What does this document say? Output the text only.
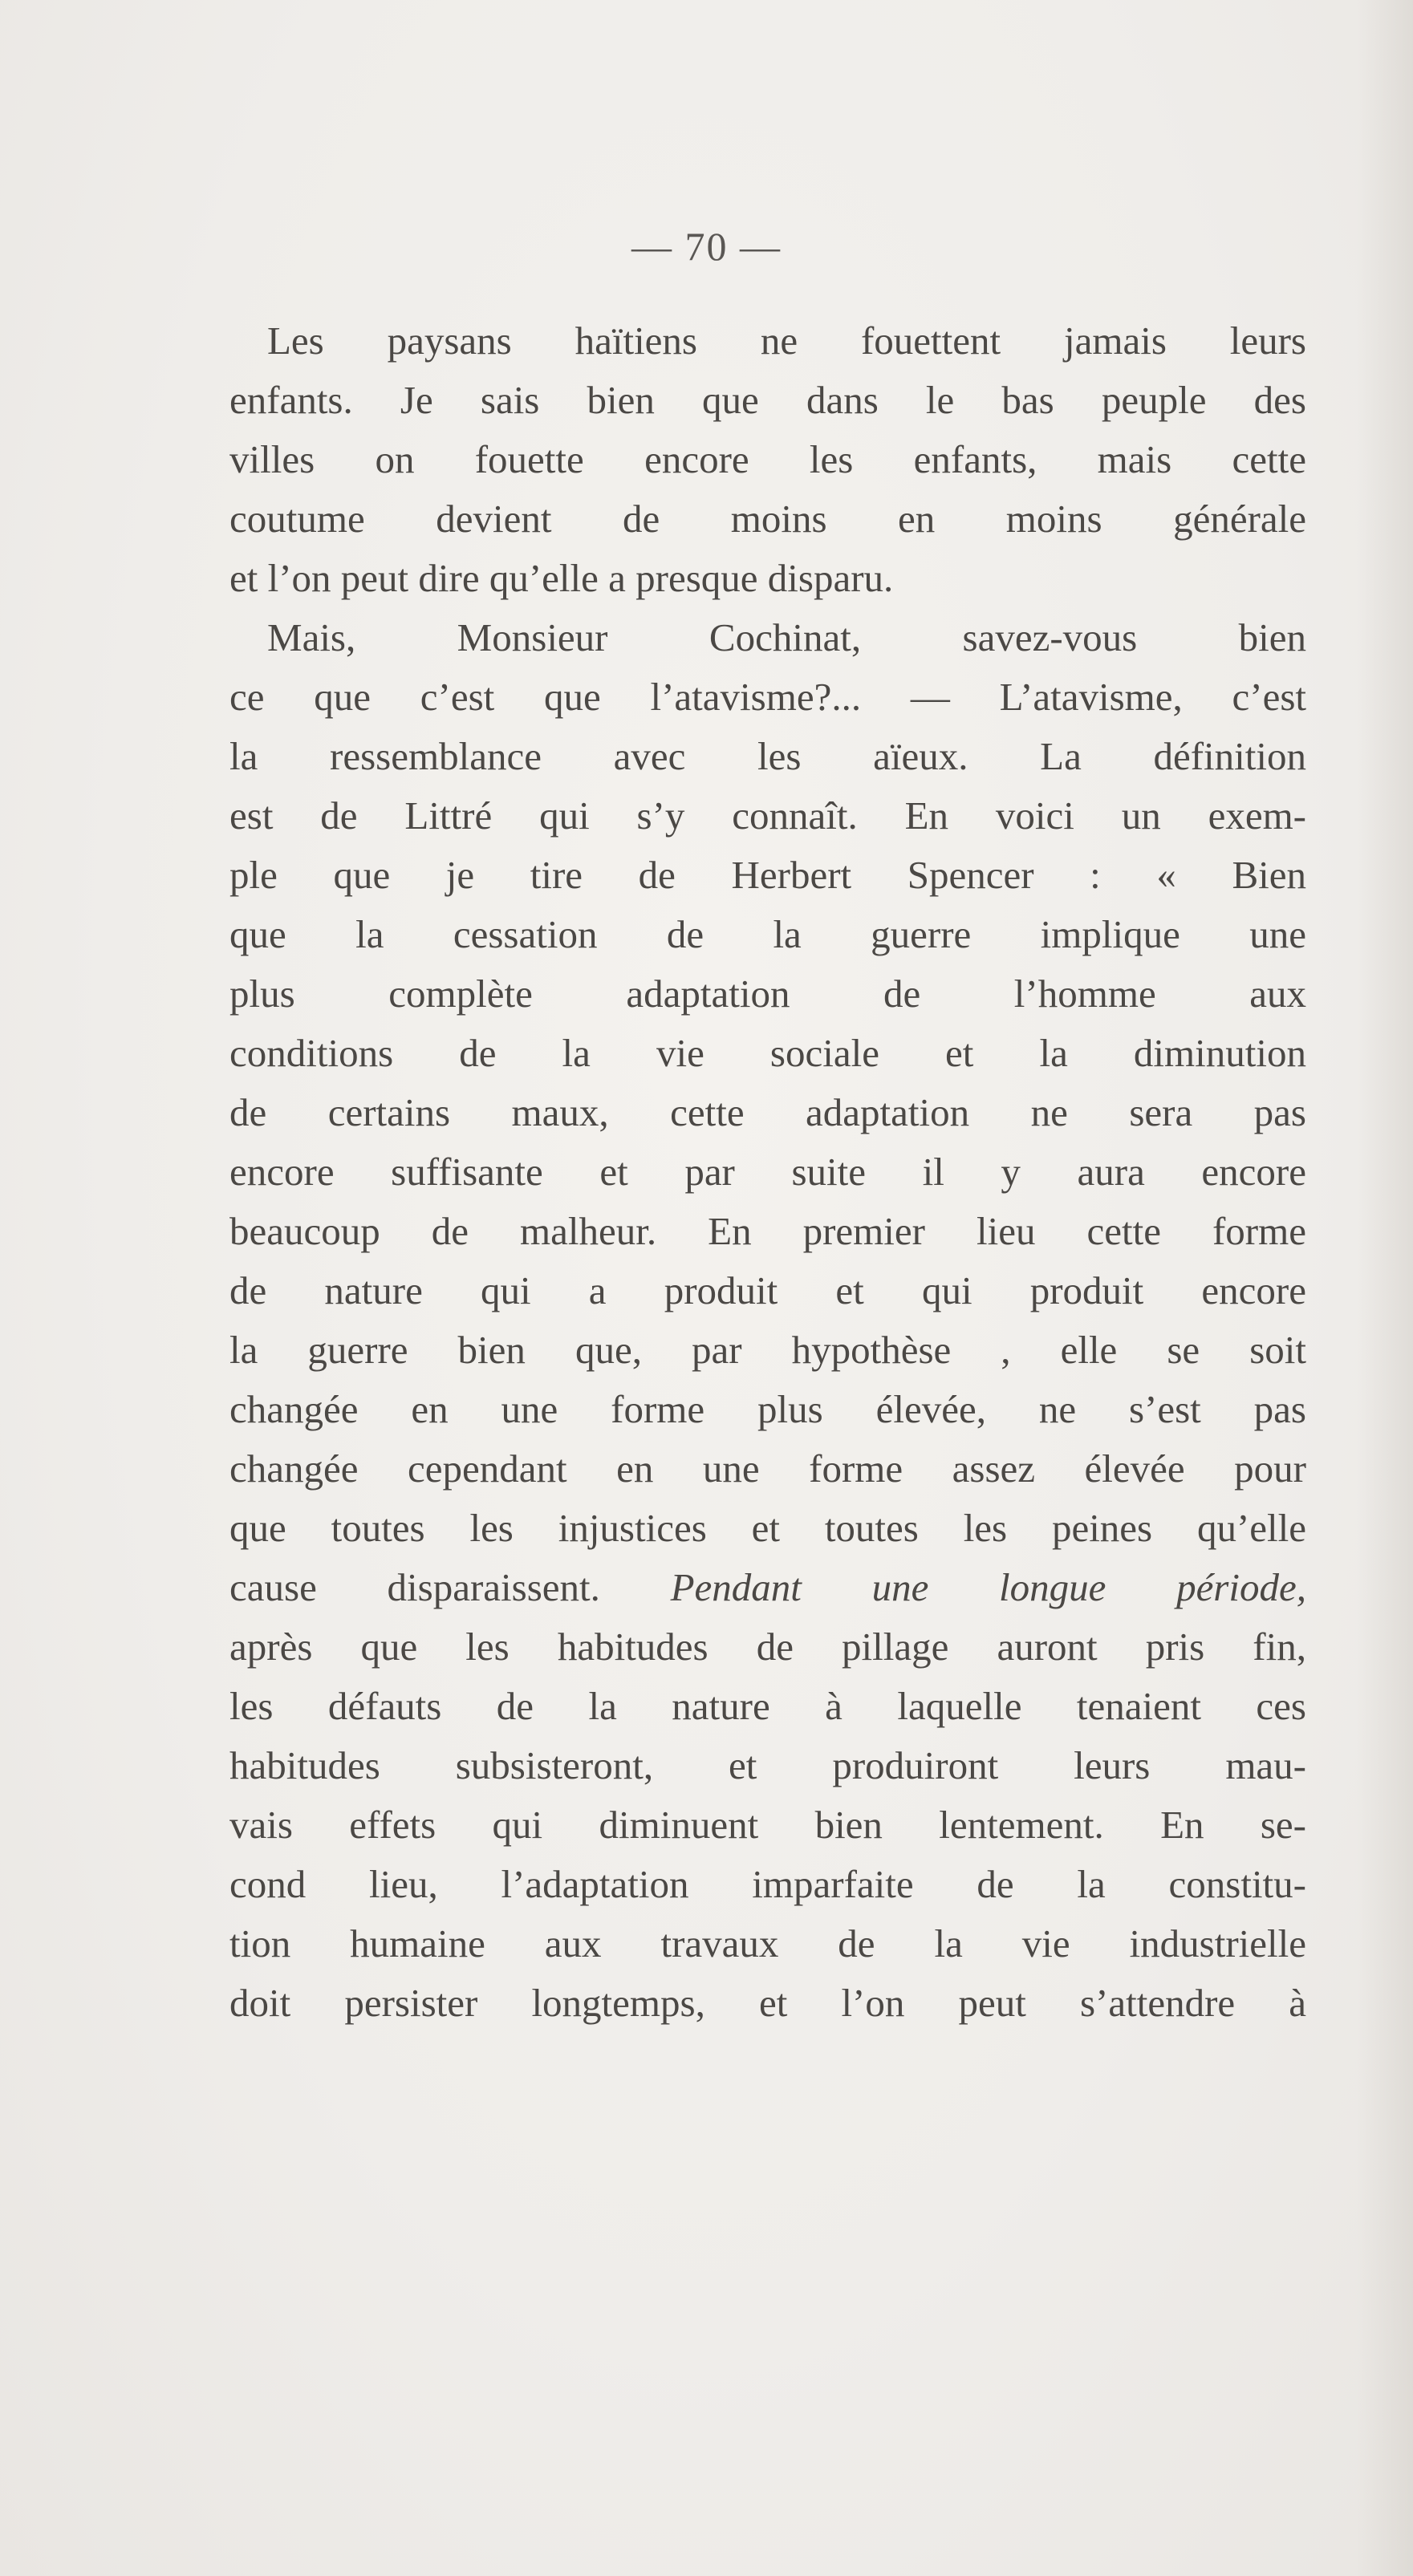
— 70 —
Les paysans haïtiens ne fouettent jamais leurs
enfants. Je sais bien que dans le bas peuple des
villes on fouette encore les enfants, mais cette
coutume devient de moins en moins générale
et l’on peut dire qu’elle a presque disparu.
Mais, Monsieur Cochinat, savez-vous bien
ce que c’est que l’atavisme?... — L’atavisme, c’est
la ressemblance avec les aïeux. La définition
est de Littré qui s’y connaît. En voici un exem-
ple que je tire de Herbert Spencer : « Bien
que la cessation de la guerre implique une
plus complète adaptation de l’homme aux
conditions de la vie sociale et la diminution
de certains maux, cette adaptation ne sera pas
encore suffisante et par suite il y aura encore
beaucoup de malheur. En premier lieu cette forme
de nature qui a produit et qui produit encore
la guerre bien que, par hypothèse , elle se soit
changée en une forme plus élevée, ne s’est pas
changée cependant en une forme assez élevée pour
que toutes les injustices et toutes les peines qu’elle
cause disparaissent. Pendant une longue période,
après que les habitudes de pillage auront pris fin,
les défauts de la nature à laquelle tenaient ces
habitudes subsisteront, et produiront leurs mau-
vais effets qui diminuent bien lentement. En se-
cond lieu, l’adaptation imparfaite de la constitu-
tion humaine aux travaux de la vie industrielle
doit persister longtemps, et l’on peut s’attendre à
